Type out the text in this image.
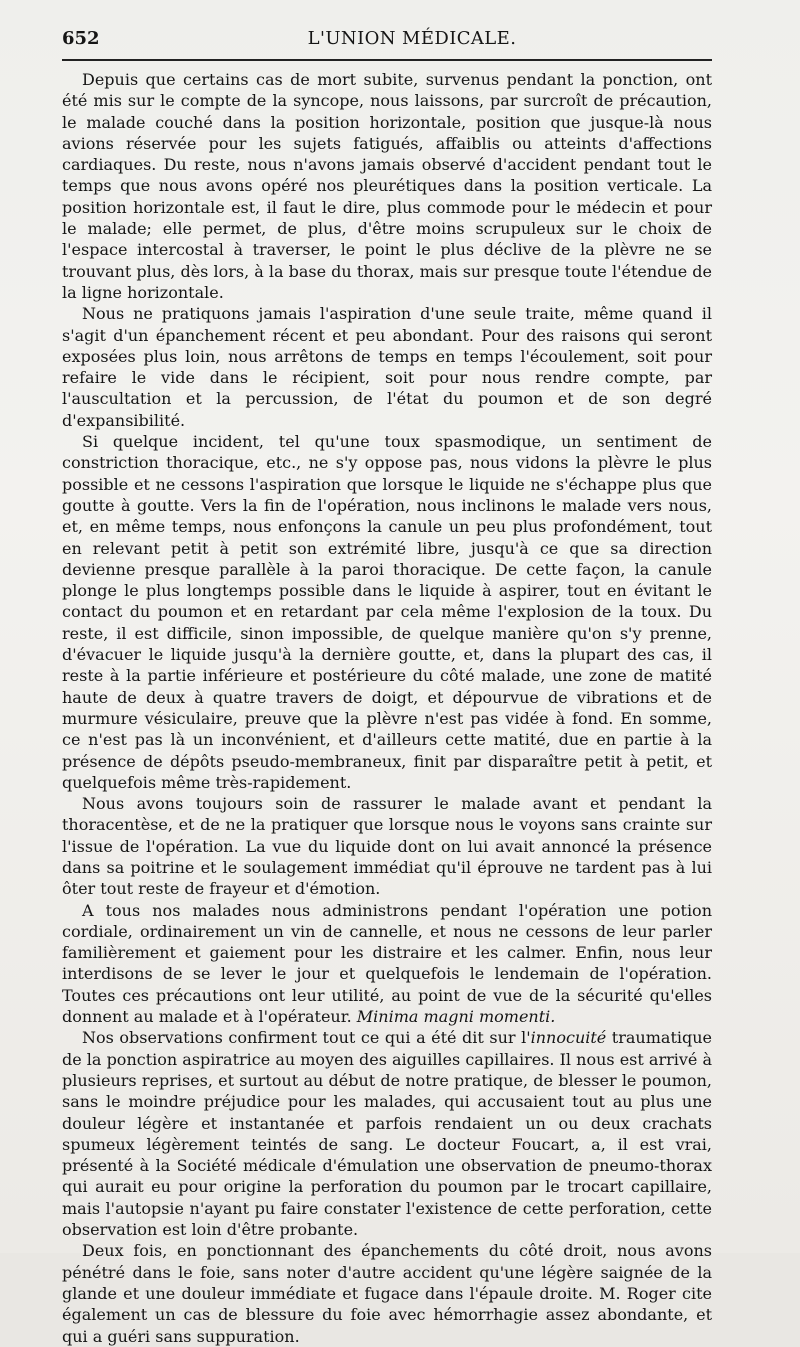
652	L'UNION MÉDICALE.

Depuis que certains cas de mort subite, survenus pendant la ponction, ont été mis sur le compte de la syncope, nous laissons, par surcroît de précaution, le malade couché dans la position horizontale, position que jusque-là nous avions réservée pour les sujets fatigués, affaiblis ou atteints d'affections cardiaques. Du reste, nous n'avons jamais observé d'accident pendant tout le temps que nous avons opéré nos pleurétiques dans la position verticale. La position horizontale est, il faut le dire, plus commode pour le médecin et pour le malade; elle permet, de plus, d'être moins scrupuleux sur le choix de l'espace intercostal à traverser, le point le plus déclive de la plèvre ne se trouvant plus, dès lors, à la base du thorax, mais sur presque toute l'étendue de la ligne horizontale.

Nous ne pratiquons jamais l'aspiration d'une seule traite, même quand il s'agit d'un épanchement récent et peu abondant. Pour des raisons qui seront exposées plus loin, nous arrêtons de temps en temps l'écoulement, soit pour refaire le vide dans le récipient, soit pour nous rendre compte, par l'auscultation et la percussion, de l'état du poumon et de son degré d'expansibilité.

Si quelque incident, tel qu'une toux spasmodique, un sentiment de constriction thoracique, etc., ne s'y oppose pas, nous vidons la plèvre le plus possible et ne cessons l'aspiration que lorsque le liquide ne s'échappe plus que goutte à goutte. Vers la fin de l'opération, nous inclinons le malade vers nous, et, en même temps, nous enfonçons la canule un peu plus profondément, tout en relevant petit à petit son extrémité libre, jusqu'à ce que sa direction devienne presque parallèle à la paroi thoracique. De cette façon, la canule plonge le plus longtemps possible dans le liquide à aspirer, tout en évitant le contact du poumon et en retardant par cela même l'explosion de la toux. Du reste, il est difficile, sinon impossible, de quelque manière qu'on s'y prenne, d'évacuer le liquide jusqu'à la dernière goutte, et, dans la plupart des cas, il reste à la partie inférieure et postérieure du côté malade, une zone de matité haute de deux à quatre travers de doigt, et dépourvue de vibrations et de murmure vésiculaire, preuve que la plèvre n'est pas vidée à fond. En somme, ce n'est pas là un inconvénient, et d'ailleurs cette matité, due en partie à la présence de dépôts pseudo-membraneux, finit par disparaître petit à petit, et quelquefois même très-rapidement.

Nous avons toujours soin de rassurer le malade avant et pendant la thoracentèse, et de ne la pratiquer que lorsque nous le voyons sans crainte sur l'issue de l'opération. La vue du liquide dont on lui avait annoncé la présence dans sa poitrine et le soulagement immédiat qu'il éprouve ne tardent pas à lui ôter tout reste de frayeur et d'émotion.

A tous nos malades nous administrons pendant l'opération une potion cordiale, ordinairement un vin de cannelle, et nous ne cessons de leur parler familièrement et gaiement pour les distraire et les calmer. Enfin, nous leur interdisons de se lever le jour et quelquefois le lendemain de l'opération. Toutes ces précautions ont leur utilité, au point de vue de la sécurité qu'elles donnent au malade et à l'opérateur. Minima magni momenti.

Nos observations confirment tout ce qui a été dit sur l'innocuité traumatique de la ponction aspiratrice au moyen des aiguilles capillaires. Il nous est arrivé à plusieurs reprises, et surtout au début de notre pratique, de blesser le poumon, sans le moindre préjudice pour les malades, qui accusaient tout au plus une douleur légère et instantanée et parfois rendaient un ou deux crachats spumeux légèrement teintés de sang. Le docteur Foucart, a, il est vrai, présenté à la Société médicale d'émulation une observation de pneumo-thorax qui aurait eu pour origine la perforation du poumon par le trocart capillaire, mais l'autopsie n'ayant pu faire constater l'existence de cette perforation, cette observation est loin d'être probante.

Deux fois, en ponctionnant des épanchements du côté droit, nous avons pénétré dans le foie, sans noter d'autre accident qu'une légère saignée de la glande et une douleur immédiate et fugace dans l'épaule droite. M. Roger cite également un cas de blessure du foie avec hémorrhagie assez abondante, et qui a guéri sans suppuration.
